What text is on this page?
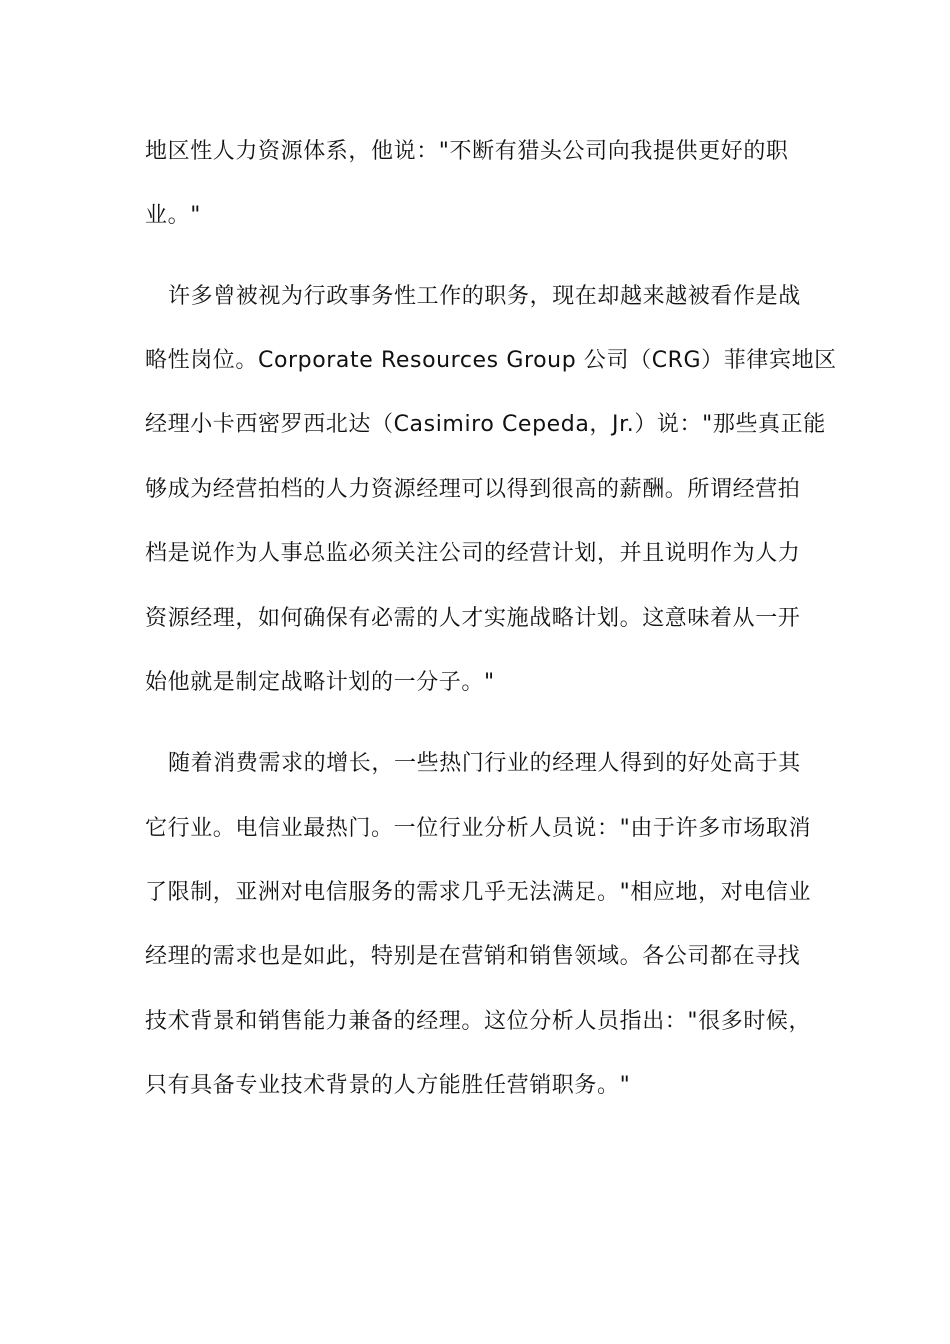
地区性人力资源体系，他说："不断有猎头公司向我提供更好的职
业。"
许多曾被视为行政事务性工作的职务，现在却越来越被看作是战
略性岗位。Corporate Resources Group 公司（CRG）菲律宾地区
经理小卡西密罗西北达（Casimiro Cepeda，Jr.）说："那些真正能
够成为经营拍档的人力资源经理可以得到很高的薪酬。所谓经营拍
档是说作为人事总监必须关注公司的经营计划，并且说明作为人力
资源经理，如何确保有必需的人才实施战略计划。这意味着从一开
始他就是制定战略计划的一分子。"
随着消费需求的增长，一些热门行业的经理人得到的好处高于其
它行业。电信业最热门。一位行业分析人员说："由于许多市场取消
了限制，亚洲对电信服务的需求几乎无法满足。"相应地，对电信业
经理的需求也是如此，特别是在营销和销售领域。各公司都在寻找
技术背景和销售能力兼备的经理。这位分析人员指出："很多时候，
只有具备专业技术背景的人方能胜任营销职务。"
